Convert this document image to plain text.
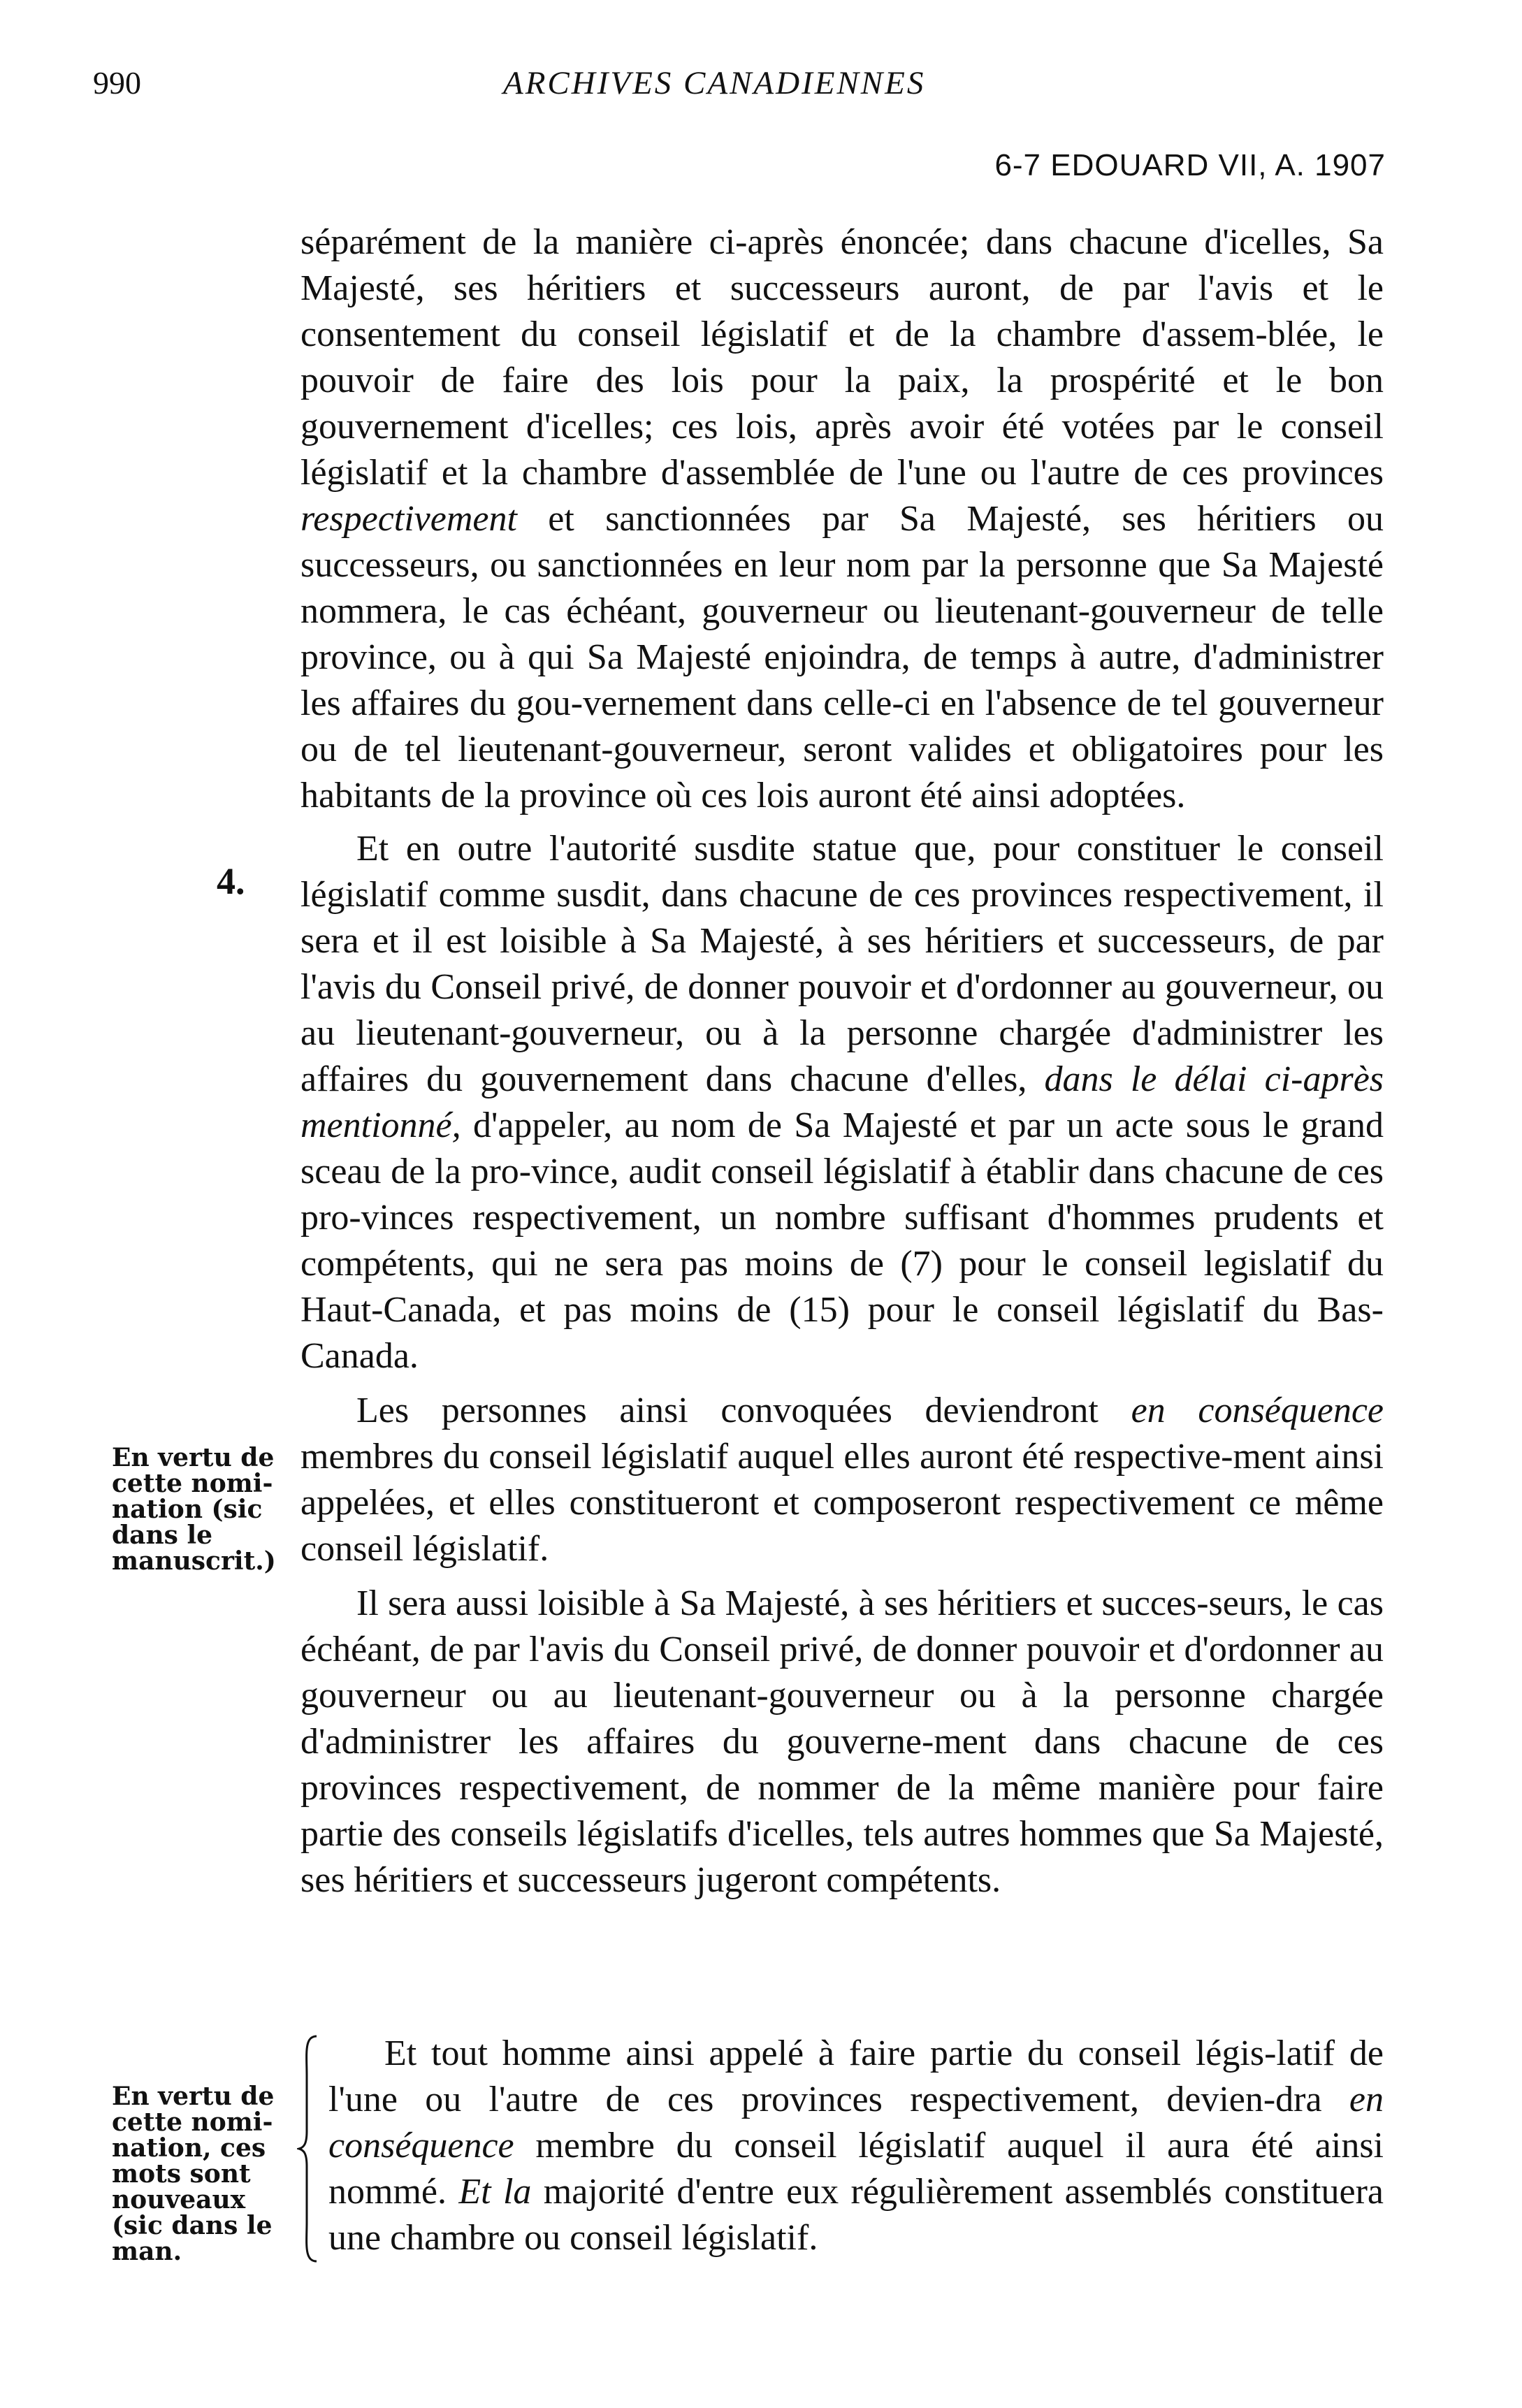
990	ARCHIVES CANADIENNES
6-7 EDOUARD VII, A. 1907
4.
En vertu de cette nomi-nation (sic dans le manuscrit.)
En vertu de cette nomi-nation, ces mots sont nouveaux (sic dans le man.

séparément de la manière ci-après énoncée; dans chacune d'icelles, Sa Majesté, ses héritiers et successeurs auront, de par l'avis et le consentement du conseil législatif et de la chambre d'assem-blée, le pouvoir de faire des lois pour la paix, la prospérité et le bon gouvernement d'icelles; ces lois, après avoir été votées par le conseil législatif et la chambre d'assemblée de l'une ou l'autre de ces provinces respectivement et sanctionnées par Sa Majesté, ses héritiers ou successeurs, ou sanctionnées en leur nom par la personne que Sa Majesté nommera, le cas échéant, gouverneur ou lieutenant-gouverneur de telle province, ou à qui Sa Majesté enjoindra, de temps à autre, d'administrer les affaires du gou-vernement dans celle-ci en l'absence de tel gouverneur ou de tel lieutenant-gouverneur, seront valides et obligatoires pour les habitants de la province où ces lois auront été ainsi adoptées.

Et en outre l'autorité susdite statue que, pour constituer le conseil législatif comme susdit, dans chacune de ces provinces respectivement, il sera et il est loisible à Sa Majesté, à ses héritiers et successeurs, de par l'avis du Conseil privé, de donner pouvoir et d'ordonner au gouverneur, ou au lieutenant-gouverneur, ou à la personne chargée d'administrer les affaires du gouvernement dans chacune d'elles, dans le délai ci-après mentionné, d'appeler, au nom de Sa Majesté et par un acte sous le grand sceau de la pro-vince, audit conseil législatif à établir dans chacune de ces pro-vinces respectivement, un nombre suffisant d'hommes prudents et compétents, qui ne sera pas moins de (7) pour le conseil legislatif du Haut-Canada, et pas moins de (15) pour le conseil législatif du Bas-Canada.

Les personnes ainsi convoquées deviendront en conséquence membres du conseil législatif auquel elles auront été respective-ment ainsi appelées, et elles constitueront et composeront respectivement ce même conseil législatif.

Il sera aussi loisible à Sa Majesté, à ses héritiers et succes-seurs, le cas échéant, de par l'avis du Conseil privé, de donner pouvoir et d'ordonner au gouverneur ou au lieutenant-gouverneur ou à la personne chargée d'administrer les affaires du gouverne-ment dans chacune de ces provinces respectivement, de nommer de la même manière pour faire partie des conseils législatifs d'icelles, tels autres hommes que Sa Majesté, ses héritiers et successeurs jugeront compétents.

Et tout homme ainsi appelé à faire partie du conseil légis-latif de l'une ou l'autre de ces provinces respectivement, devien-dra en conséquence membre du conseil législatif auquel il aura été ainsi nommé. Et la majorité d'entre eux régulièrement assemblés constituera une chambre ou conseil législatif.
